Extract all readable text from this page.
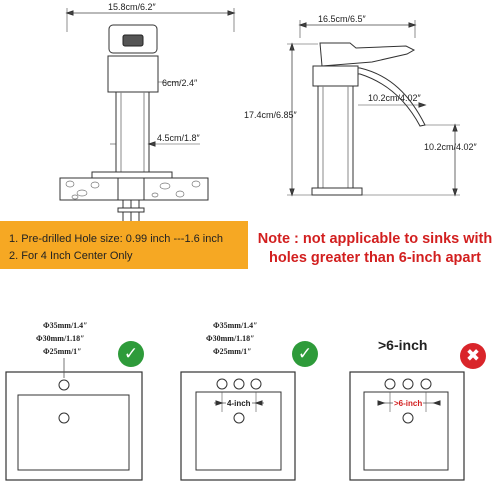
15.8cm/6.2″
6cm/2.4″
4.5cm/1.8″
16.5cm/6.5″
17.4cm/6.85″
10.2cm/4.02″
10.2cm/4.02″
1. Pre-drilled Hole size: 0.99 inch ---1.6 inch
2. For 4 Inch Center Only
Note : not applicable to sinks with
holes greater than 6-inch apart
Φ35mm/1.4″
Φ30mm/1.18″
Φ25mm/1″	✓
Φ35mm/1.4″
Φ30mm/1.18″
Φ25mm/1″	✓
4-inch
>6-inch
✖
>6-inch
